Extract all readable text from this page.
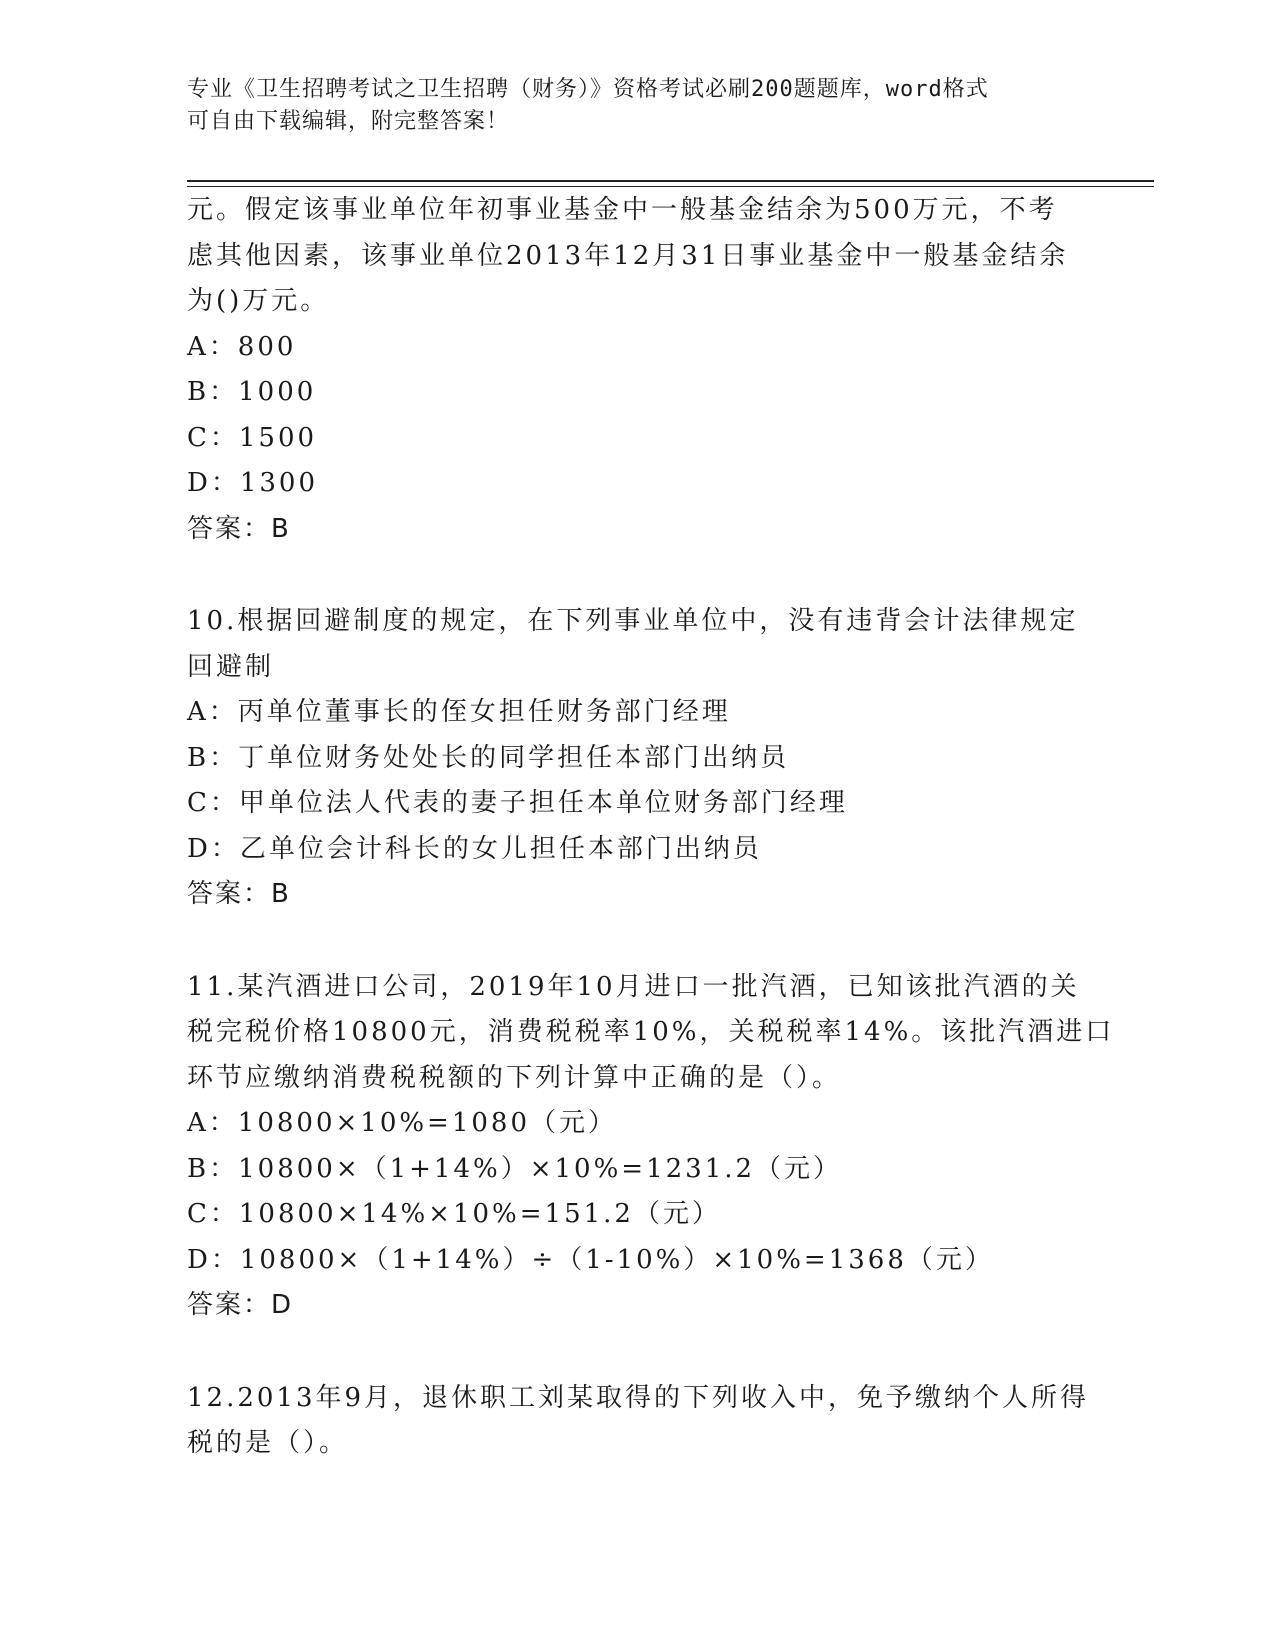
专业《卫生招聘考试之卫生招聘（财务）》资格考试必刷200题题库，word格式
可自由下载编辑，附完整答案！
元。假定该事业单位年初事业基金中一般基金结余为500万元，不考
虑其他因素，该事业单位2013年12月31日事业基金中一般基金结余
为()万元。
A：800
B：1000
C：1500
D：1300
答案：B
10.根据回避制度的规定，在下列事业单位中，没有违背会计法律规定
回避制
A：丙单位董事长的侄女担任财务部门经理
B：丁单位财务处处长的同学担任本部门出纳员
C：甲单位法人代表的妻子担任本单位财务部门经理
D：乙单位会计科长的女儿担任本部门出纳员
答案：B
11.某汽酒进口公司，2019年10月进口一批汽酒，已知该批汽酒的关
税完税价格10800元，消费税税率10%，关税税率14%。该批汽酒进口
环节应缴纳消费税税额的下列计算中正确的是（）。
A：10800×10%=1080（元）
B：10800×（1+14%）×10%=1231.2（元）
C：10800×14%×10%=151.2（元）
D：10800×（1+14%）÷（1-10%）×10%=1368（元）
答案：D
12.2013年9月，退休职工刘某取得的下列收入中，免予缴纳个人所得
税的是（）。
